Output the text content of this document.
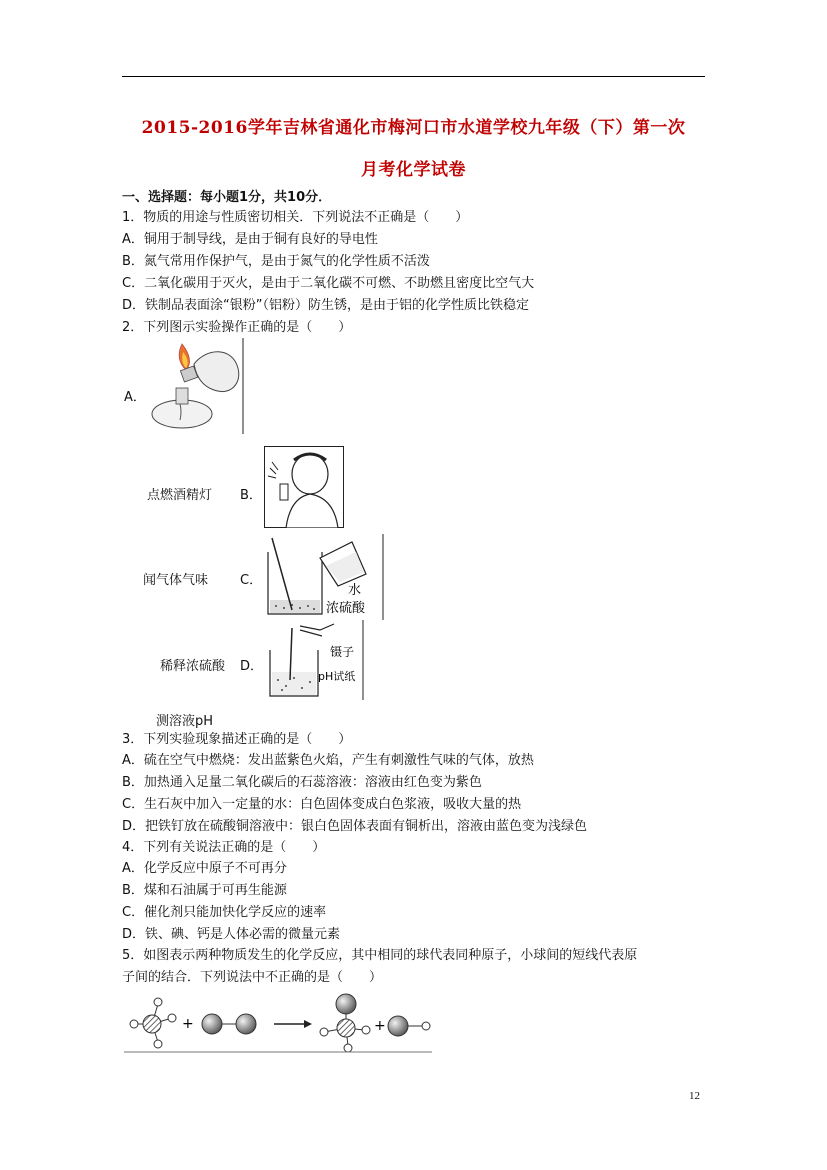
2015-2016学年吉林省通化市梅河口市水道学校九年级（下）第一次
月考化学试卷
一、选择题：每小题1分，共10分．
1．物质的用途与性质密切相关．下列说法不正确是（　　）
A．铜用于制导线，是由于铜有良好的导电性
B．氮气常用作保护气，是由于氮气的化学性质不活泼
C．二氧化碳用于灭火，是由于二氧化碳不可燃、不助燃且密度比空气大
D．铁制品表面涂“银粉”（铝粉）防生锈，是由于铝的化学性质比铁稳定
2．下列图示实验操作正确的是（　　）
A．
点燃酒精灯 B．
闻气体气味 C．
水
浓硫酸
稀释浓硫酸 D．
镊子
pH试纸
测溶液pH
3．下列实验现象描述正确的是（　　）
A．硫在空气中燃烧：发出蓝紫色火焰，产生有刺激性气味的气体，放热
B．加热通入足量二氧化碳后的石蕊溶液：溶液由红色变为紫色
C．生石灰中加入一定量的水：白色固体变成白色浆液，吸收大量的热
D．把铁钉放在硫酸铜溶液中：银白色固体表面有铜析出，溶液由蓝色变为浅绿色
4．下列有关说法正确的是（　　）
A．化学反应中原子不可再分
B．煤和石油属于可再生能源
C．催化剂只能加快化学反应的速率
D．铁、碘、钙是人体必需的微量元素
5．如图表示两种物质发生的化学反应，其中相同的球代表同种原子，小球间的短线代表原
子间的结合．下列说法中不正确的是（　　）
+	+
12
